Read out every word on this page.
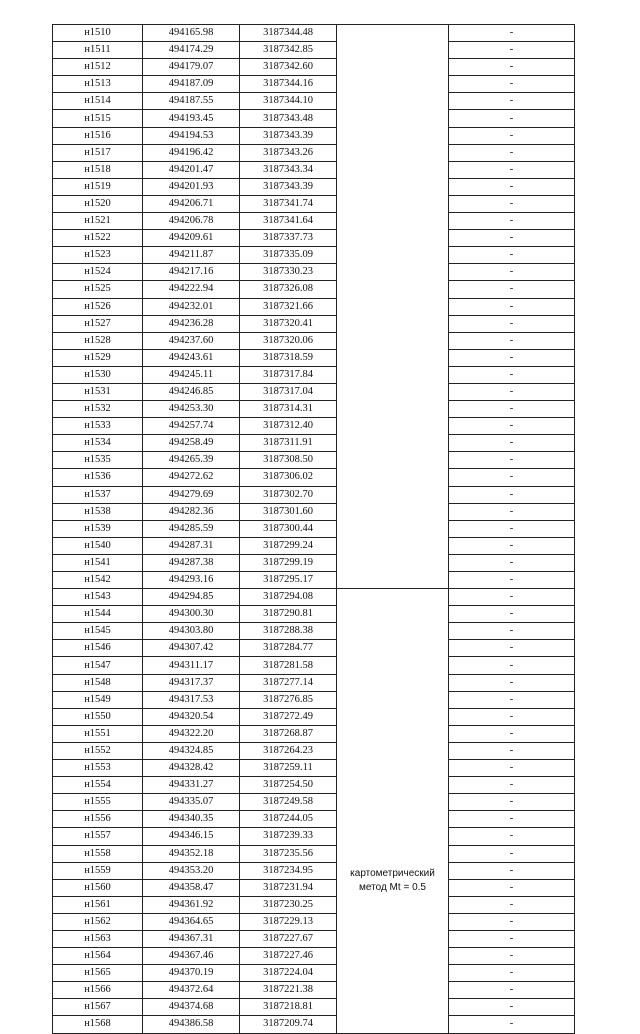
н1510	494165.98	3187344.48		-
н1511	494174.29	3187342.85		-
н1512	494179.07	3187342.60		-
н1513	494187.09	3187344.16		-
н1514	494187.55	3187344.10		-
н1515	494193.45	3187343.48		-
н1516	494194.53	3187343.39		-
н1517	494196.42	3187343.26		-
н1518	494201.47	3187343.34		-
н1519	494201.93	3187343.39		-
н1520	494206.71	3187341.74		-
н1521	494206.78	3187341.64		-
н1522	494209.61	3187337.73		-
н1523	494211.87	3187335.09		-
н1524	494217.16	3187330.23		-
н1525	494222.94	3187326.08		-
н1526	494232.01	3187321.66		-
н1527	494236.28	3187320.41		-
н1528	494237.60	3187320.06		-
н1529	494243.61	3187318.59		-
н1530	494245.11	3187317.84		-
н1531	494246.85	3187317.04		-
н1532	494253.30	3187314.31		-
н1533	494257.74	3187312.40		-
н1534	494258.49	3187311.91		-
н1535	494265.39	3187308.50		-
н1536	494272.62	3187306.02		-
н1537	494279.69	3187302.70		-
н1538	494282.36	3187301.60		-
н1539	494285.59	3187300.44		-
н1540	494287.31	3187299.24		-
н1541	494287.38	3187299.19		-
н1542	494293.16	3187295.17		-
н1543	494294.85	3187294.08	картометрический
метод Mt = 0.5	-
н1544	494300.30	3187290.81		-
н1545	494303.80	3187288.38		-
н1546	494307.42	3187284.77		-
н1547	494311.17	3187281.58		-
н1548	494317.37	3187277.14		-
н1549	494317.53	3187276.85		-
н1550	494320.54	3187272.49		-
н1551	494322.20	3187268.87		-
н1552	494324.85	3187264.23		-
н1553	494328.42	3187259.11		-
н1554	494331.27	3187254.50		-
н1555	494335.07	3187249.58		-
н1556	494340.35	3187244.05		-
н1557	494346.15	3187239.33		-
н1558	494352.18	3187235.56		-
н1559	494353.20	3187234.95		-
н1560	494358.47	3187231.94		-
н1561	494361.92	3187230.25		-
н1562	494364.65	3187229.13		-
н1563	494367.31	3187227.67		-
н1564	494367.46	3187227.46		-
н1565	494370.19	3187224.04		-
н1566	494372.64	3187221.38		-
н1567	494374.68	3187218.81		-
н1568	494386.58	3187209.74		-
